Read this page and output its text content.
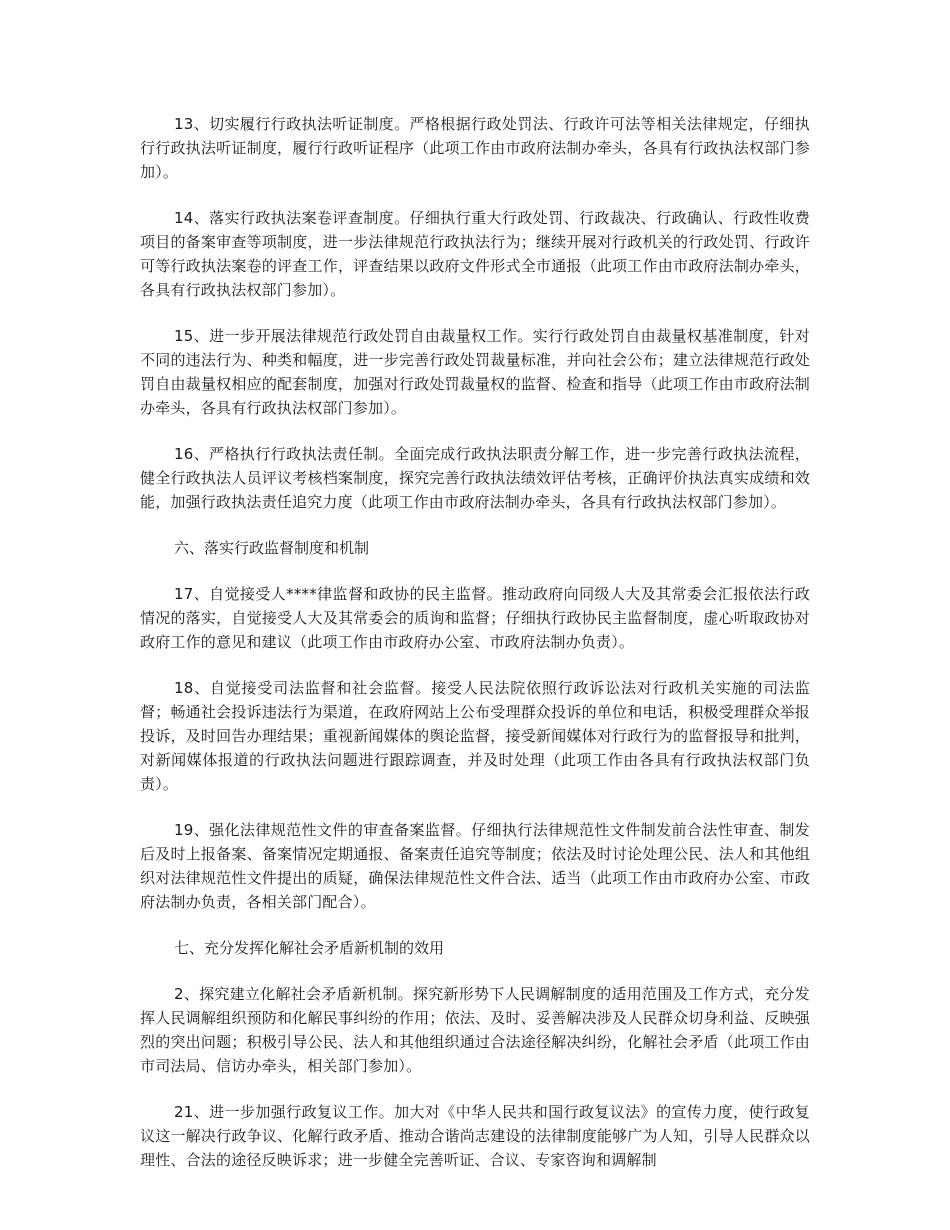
13、切实履行行政执法听证制度。严格根据行政处罚法、行政许可法等相关法律规定，仔细执行行政执法听证制度，履行行政听证程序（此项工作由市政府法制办牵头，各具有行政执法权部门参加）。

14、落实行政执法案卷评查制度。仔细执行重大行政处罚、行政裁决、行政确认、行政性收费项目的备案审查等项制度，进一步法律规范行政执法行为；继续开展对行政机关的行政处罚、行政许可等行政执法案卷的评查工作，评查结果以政府文件形式全市通报（此项工作由市政府法制办牵头，各具有行政执法权部门参加）。

15、进一步开展法律规范行政处罚自由裁量权工作。实行行政处罚自由裁量权基准制度，针对不同的违法行为、种类和幅度，进一步完善行政处罚裁量标准，并向社会公布；建立法律规范行政处罚自由裁量权相应的配套制度，加强对行政处罚裁量权的监督、检查和指导（此项工作由市政府法制办牵头，各具有行政执法权部门参加）。

16、严格执行行政执法责任制。全面完成行政执法职责分解工作，进一步完善行政执法流程，健全行政执法人员评议考核档案制度，探究完善行政执法绩效评估考核，正确评价执法真实成绩和效能，加强行政执法责任追究力度（此项工作由市政府法制办牵头，各具有行政执法权部门参加）。

六、落实行政监督制度和机制

17、自觉接受人****律监督和政协的民主监督。推动政府向同级人大及其常委会汇报依法行政情况的落实，自觉接受人大及其常委会的质询和监督；仔细执行政协民主监督制度，虚心听取政协对政府工作的意见和建议（此项工作由市政府办公室、市政府法制办负责）。

18、自觉接受司法监督和社会监督。接受人民法院依照行政诉讼法对行政机关实施的司法监督；畅通社会投诉违法行为渠道，在政府网站上公布受理群众投诉的单位和电话，积极受理群众举报投诉，及时回告办理结果；重视新闻媒体的舆论监督，接受新闻媒体对行政行为的监督报导和批判，对新闻媒体报道的行政执法问题进行跟踪调查，并及时处理（此项工作由各具有行政执法权部门负责）。

19、强化法律规范性文件的审查备案监督。仔细执行法律规范性文件制发前合法性审查、制发后及时上报备案、备案情况定期通报、备案责任追究等制度；依法及时讨论处理公民、法人和其他组织对法律规范性文件提出的质疑，确保法律规范性文件合法、适当（此项工作由市政府办公室、市政府法制办负责，各相关部门配合）。

七、充分发挥化解社会矛盾新机制的效用

2、探究建立化解社会矛盾新机制。探究新形势下人民调解制度的适用范围及工作方式，充分发挥人民调解组织预防和化解民事纠纷的作用；依法、及时、妥善解决涉及人民群众切身利益、反映强烈的突出问题；积极引导公民、法人和其他组织通过合法途径解决纠纷，化解社会矛盾（此项工作由市司法局、信访办牵头，相关部门参加）。

21、进一步加强行政复议工作。加大对《中华人民共和国行政复议法》的宣传力度，使行政复议这一解决行政争议、化解行政矛盾、推动合谐尚志建设的法律制度能够广为人知，引导人民群众以理性、合法的途径反映诉求；进一步健全完善听证、合议、专家咨询和调解制
